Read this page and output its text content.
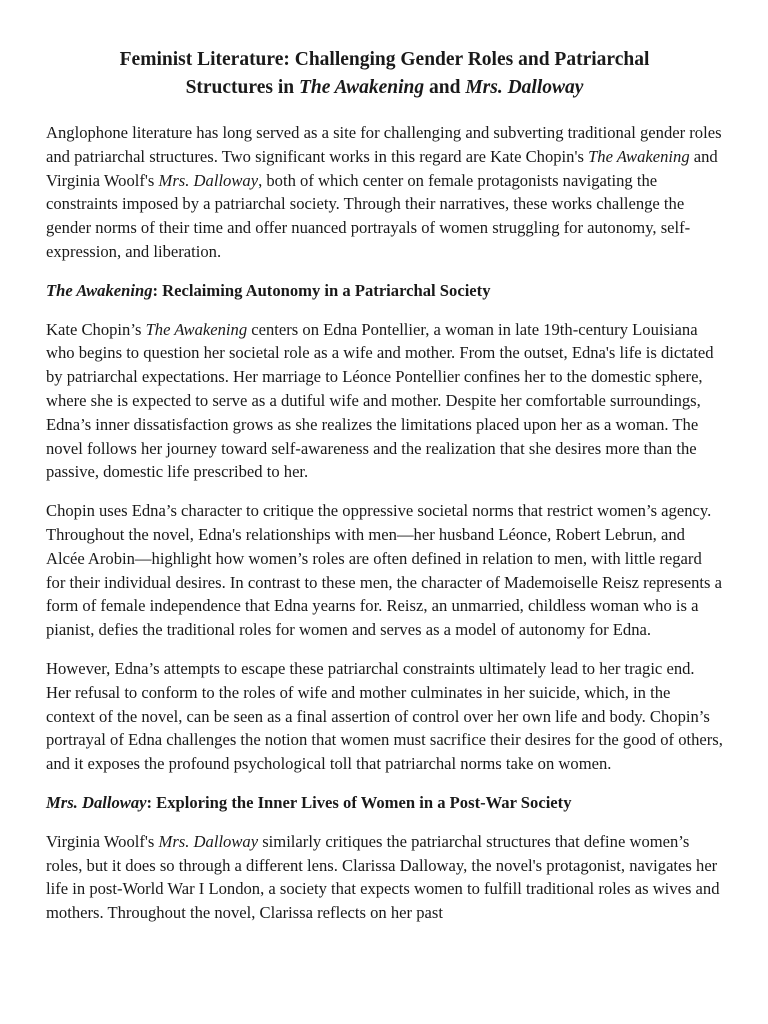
Feminist Literature: Challenging Gender Roles and Patriarchal
Structures in The Awakening and Mrs. Dalloway

Anglophone literature has long served as a site for challenging and subverting traditional gender roles and patriarchal structures. Two significant works in this regard are Kate Chopin's The Awakening and Virginia Woolf's Mrs. Dalloway, both of which center on female protagonists navigating the constraints imposed by a patriarchal society. Through their narratives, these works challenge the gender norms of their time and offer nuanced portrayals of women struggling for autonomy, self-expression, and liberation.

The Awakening: Reclaiming Autonomy in a Patriarchal Society

Kate Chopin’s The Awakening centers on Edna Pontellier, a woman in late 19th-century Louisiana who begins to question her societal role as a wife and mother. From the outset, Edna's life is dictated by patriarchal expectations. Her marriage to Léonce Pontellier confines her to the domestic sphere, where she is expected to serve as a dutiful wife and mother. Despite her comfortable surroundings, Edna’s inner dissatisfaction grows as she realizes the limitations placed upon her as a woman. The novel follows her journey toward self-awareness and the realization that she desires more than the passive, domestic life prescribed to her.

Chopin uses Edna’s character to critique the oppressive societal norms that restrict women’s agency. Throughout the novel, Edna's relationships with men—her husband Léonce, Robert Lebrun, and Alcée Arobin—highlight how women’s roles are often defined in relation to men, with little regard for their individual desires. In contrast to these men, the character of Mademoiselle Reisz represents a form of female independence that Edna yearns for. Reisz, an unmarried, childless woman who is a pianist, defies the traditional roles for women and serves as a model of autonomy for Edna.

However, Edna’s attempts to escape these patriarchal constraints ultimately lead to her tragic end. Her refusal to conform to the roles of wife and mother culminates in her suicide, which, in the context of the novel, can be seen as a final assertion of control over her own life and body. Chopin’s portrayal of Edna challenges the notion that women must sacrifice their desires for the good of others, and it exposes the profound psychological toll that patriarchal norms take on women.

Mrs. Dalloway: Exploring the Inner Lives of Women in a Post-War Society

Virginia Woolf's Mrs. Dalloway similarly critiques the patriarchal structures that define women’s roles, but it does so through a different lens. Clarissa Dalloway, the novel's protagonist, navigates her life in post-World War I London, a society that expects women to fulfill traditional roles as wives and mothers. Throughout the novel, Clarissa reflects on her past
